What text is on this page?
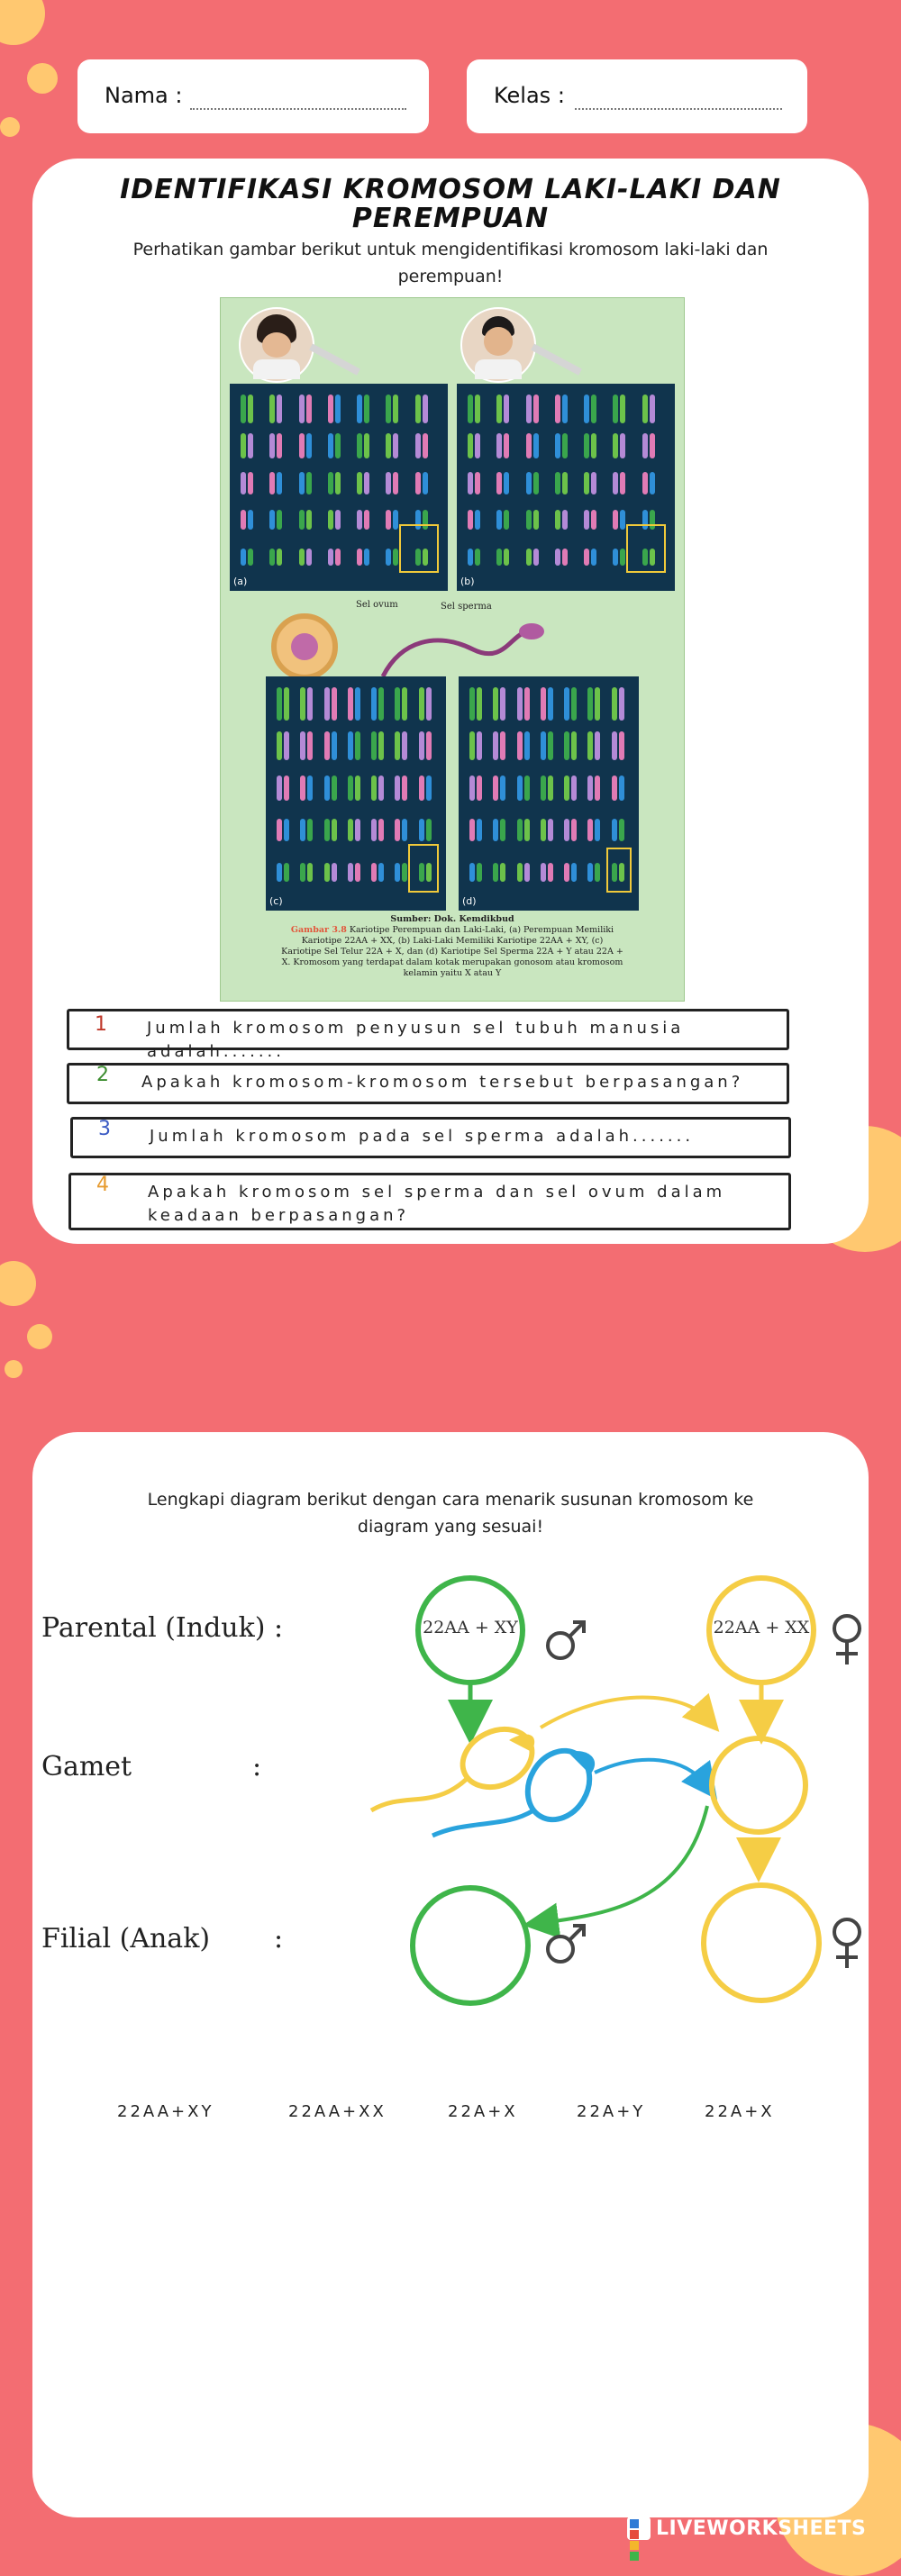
Nama :	Kelas :
IDENTIFIKASI KROMOSOM LAKI-LAKI DAN
PEREMPUAN
Perhatikan gambar berikut untuk mengidentifikasi kromosom laki-laki dan
perempuan!
(a)	(b)
Sel ovum	Sel sperma
(c)	(d)
Sumber: Dok. Kemdikbud
Gambar 3.8 Kariotipe Perempuan dan Laki-Laki, (a) Perempuan Memiliki
Kariotipe 22AA + XX, (b) Laki-Laki Memiliki Kariotipe 22AA + XY, (c)
Kariotipe Sel Telur 22A + X, dan (d) Kariotipe Sel Sperma 22A + Y atau 22A +
X. Kromosom yang terdapat dalam kotak merupakan gonosom atau kromosom
kelamin yaitu X atau Y
1 Jumlah kromosom penyusun sel tubuh manusia adalah.......
2 Apakah kromosom-kromosom tersebut berpasangan?
3 Jumlah kromosom pada sel sperma adalah.......
4 Apakah kromosom sel sperma dan sel ovum dalam keadaan berpasangan?
Lengkapi diagram berikut dengan cara menarik susunan kromosom ke
diagram yang sesuai!
Parental (Induk) :
Gamet	:
Filial (Anak) :
22AA + XY	22AA + XX
22AA+XY	22AA+XX	22A+X	22A+Y	22A+X
LIVEWORKSHEETS
